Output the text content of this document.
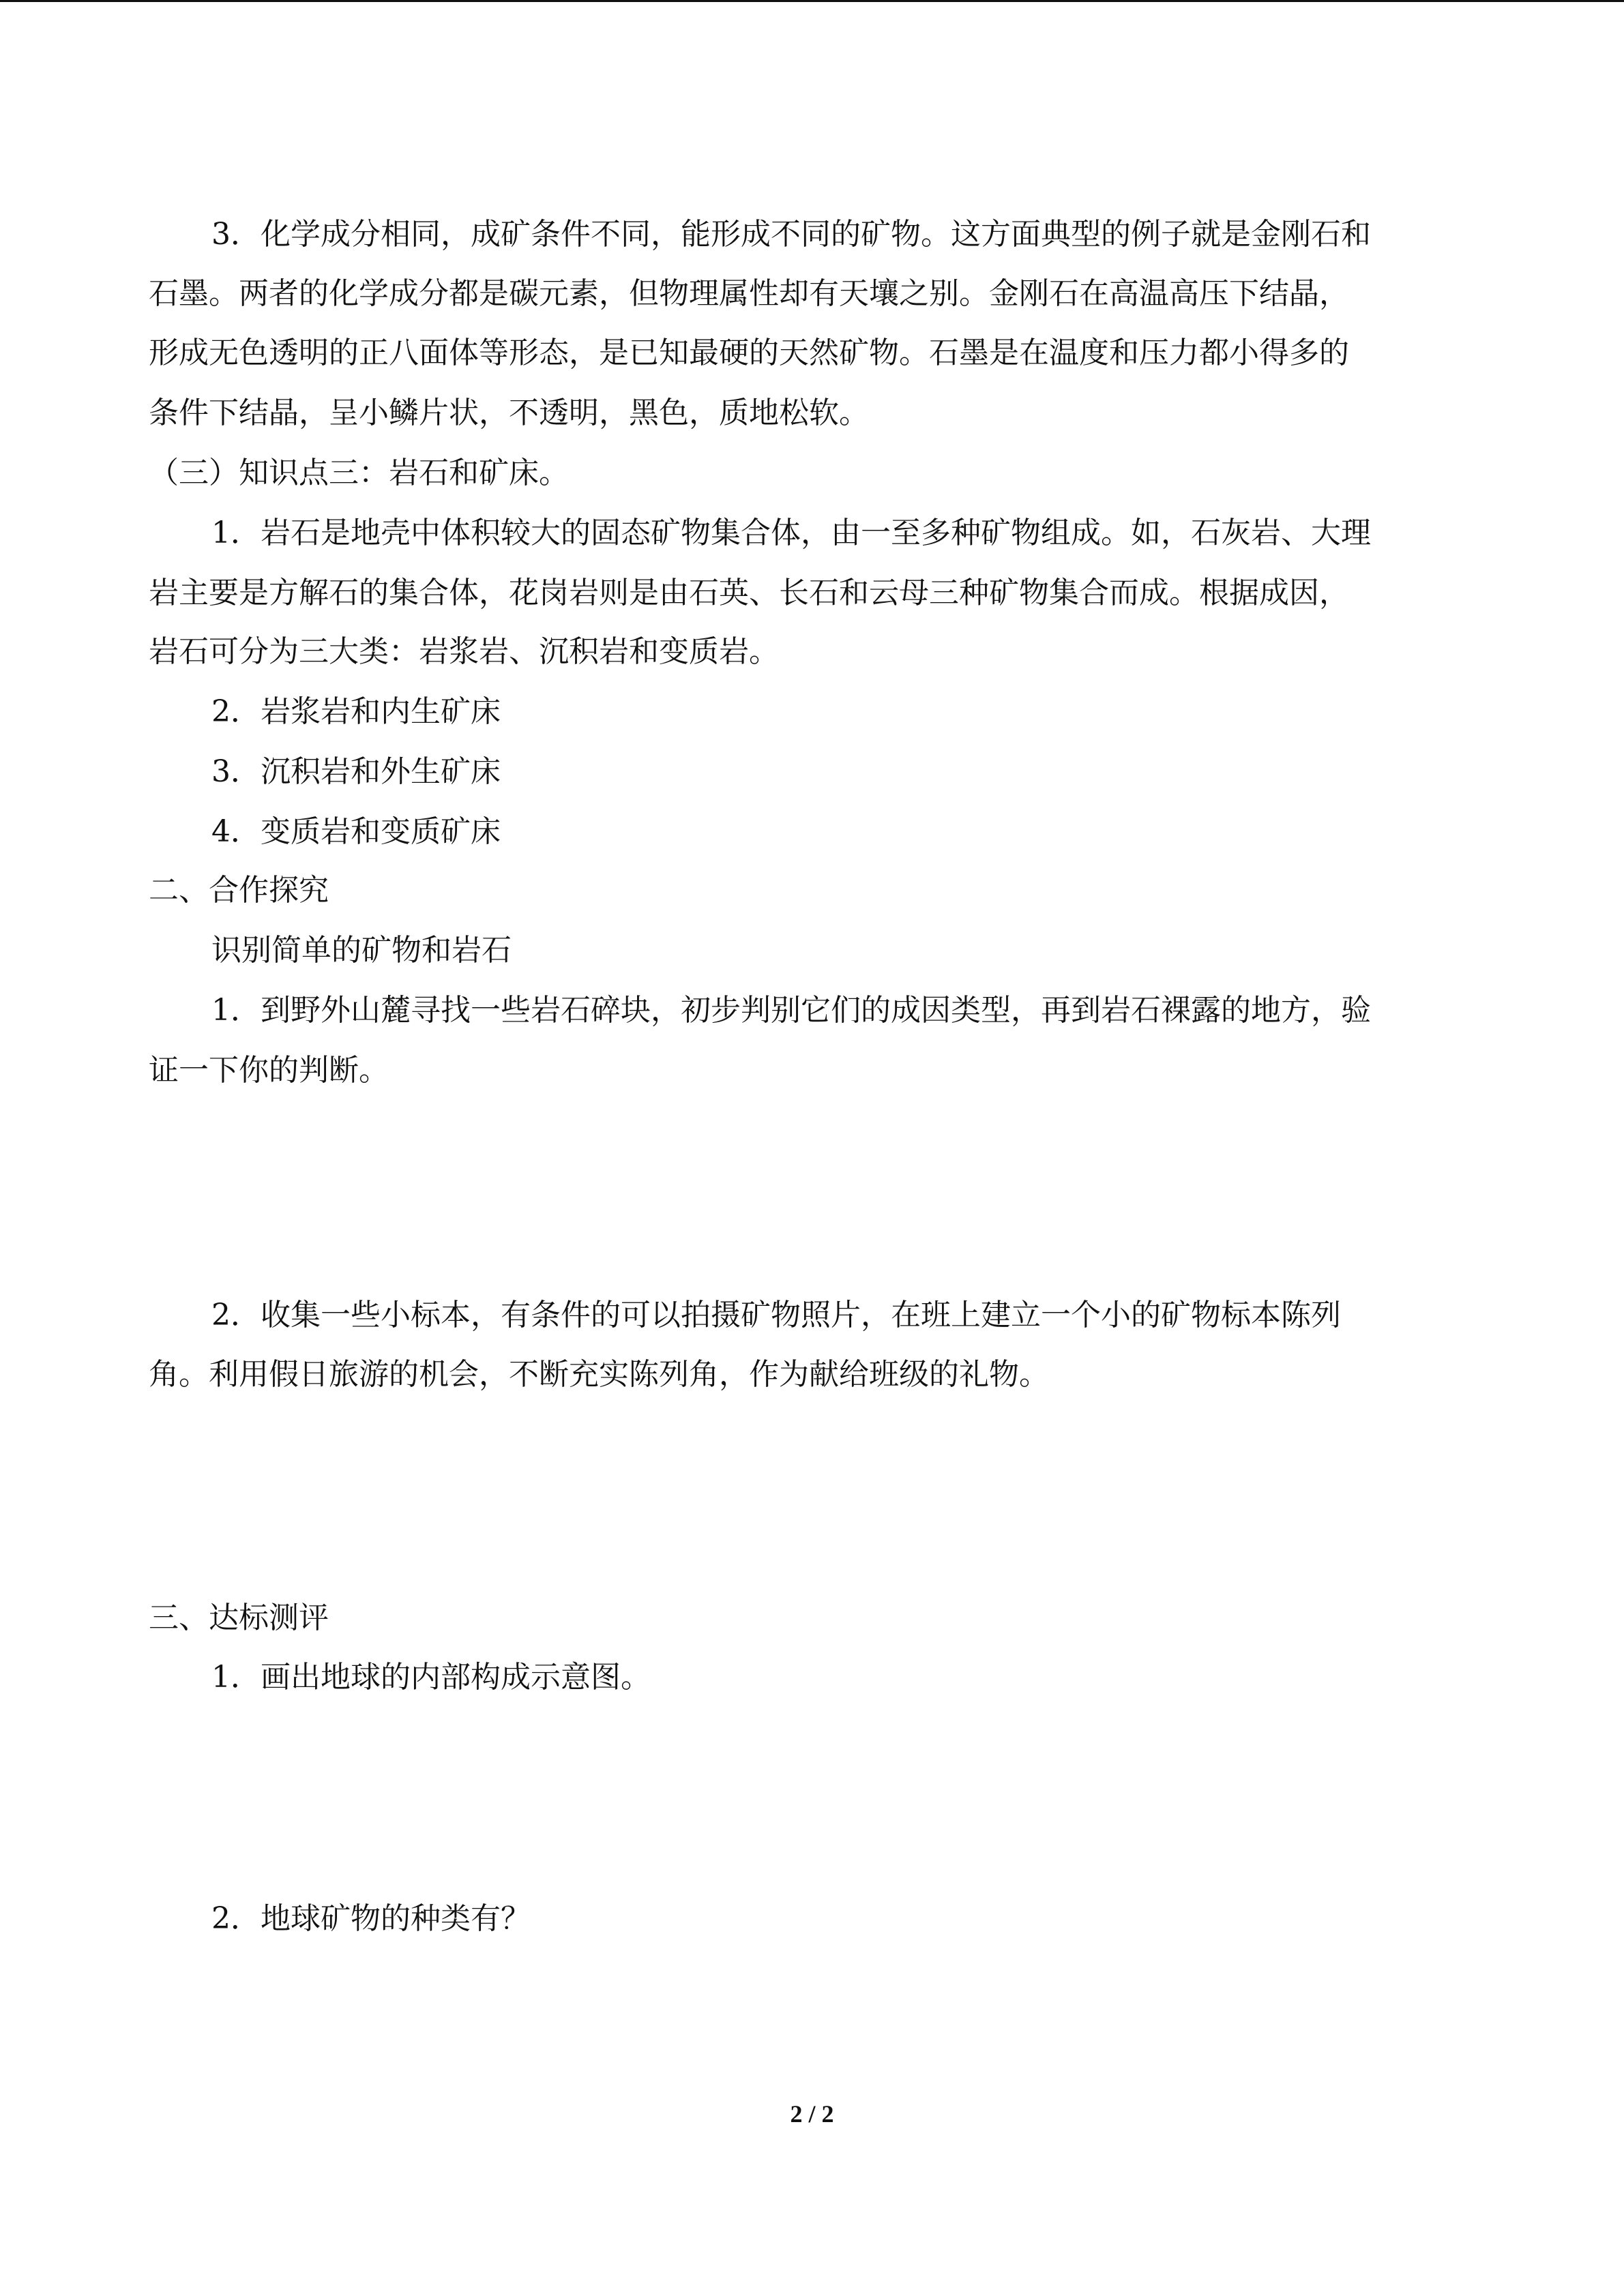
3．化学成分相同，成矿条件不同，能形成不同的矿物。这方面典型的例子就是金刚石和
石墨。两者的化学成分都是碳元素，但物理属性却有天壤之别。金刚石在高温高压下结晶，
形成无色透明的正八面体等形态，是已知最硬的天然矿物。石墨是在温度和压力都小得多的
条件下结晶，呈小鳞片状，不透明，黑色，质地松软。
（三）知识点三：岩石和矿床。
1．岩石是地壳中体积较大的固态矿物集合体，由一至多种矿物组成。如，石灰岩、大理
岩主要是方解石的集合体，花岗岩则是由石英、长石和云母三种矿物集合而成。根据成因，
岩石可分为三大类：岩浆岩、沉积岩和变质岩。
2．岩浆岩和内生矿床
3．沉积岩和外生矿床
4．变质岩和变质矿床
二、合作探究
识别简单的矿物和岩石
1．到野外山麓寻找一些岩石碎块，初步判别它们的成因类型，再到岩石裸露的地方，验
证一下你的判断。
2．收集一些小标本，有条件的可以拍摄矿物照片，在班上建立一个小的矿物标本陈列
角。利用假日旅游的机会，不断充实陈列角，作为献给班级的礼物。
三、达标测评
1．画出地球的内部构成示意图。
2．地球矿物的种类有？
2 / 2
